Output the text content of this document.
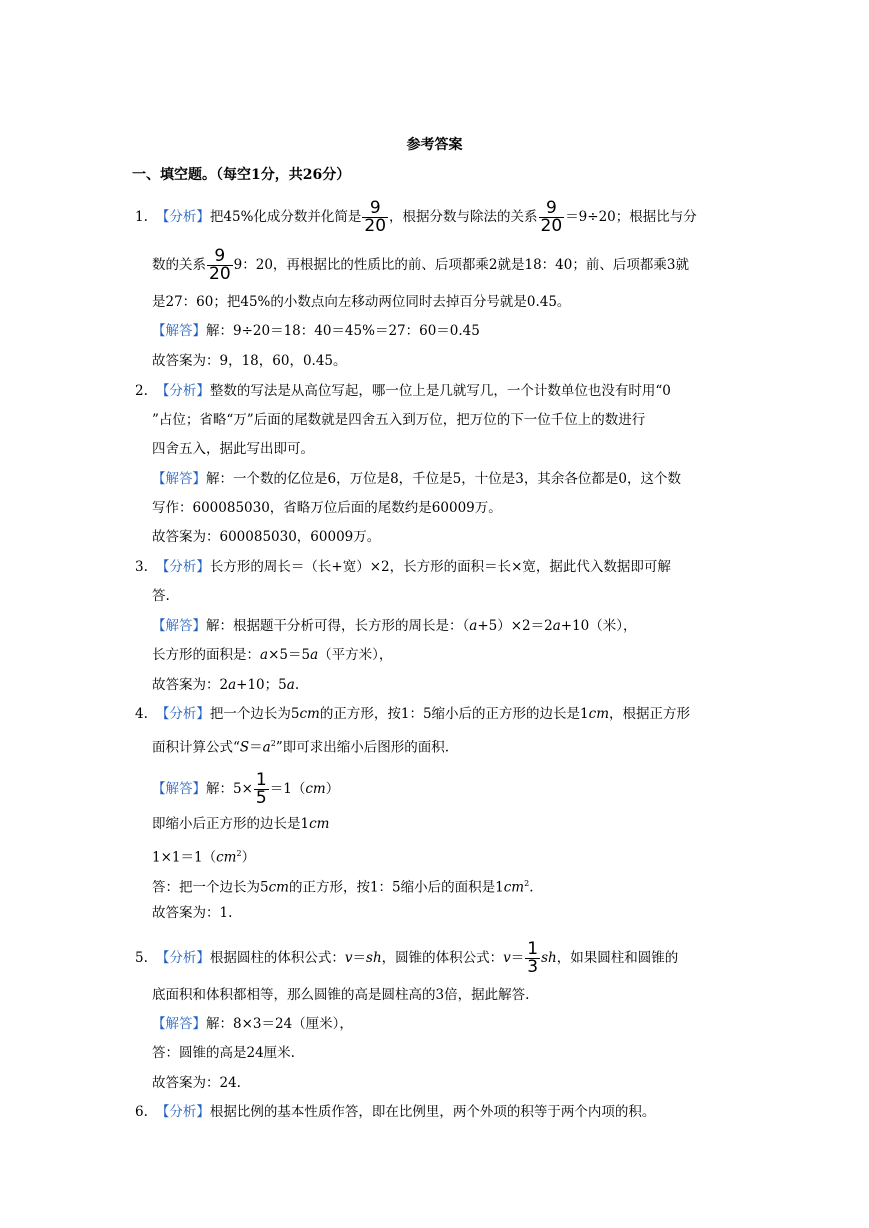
参考答案
一、填空题。（每空1分，共26分）
1. 【分析】把45%化成分数并化简是 $\frac{9}{20}$ ，根据分数与除法的关系 $\frac{9}{20} =9\div 20$；根据比与分
数的关系 $\frac{9}{20} 9$：20，再根据比的性质比的前、后项都乘2就是18：40；前、后项都乘3就
是27：60；把45%的小数点向左移动两位同时去掉百分号就是0.45。
【解答】解：9÷20＝18：40＝45%＝27：60＝0.45
故答案为：9，18，60，0.45。
2. 【分析】整数的写法是从高位写起，哪一位上是几就写几，一个计数单位也没有时用“0
”占位；省略“万”后面的尾数就是四舍五入到万位，把万位的下一位千位上的数进行
四舍五入，据此写出即可。
【解答】解：一个数的亿位是6，万位是8，千位是5，十位是3，其余各位都是0，这个数
写作：600085030，省略万位后面的尾数约是60009万。
故答案为：600085030，60009万。
3. 【分析】长方形的周长＝（长+宽）×2，长方形的面积＝长×宽，据此代入数据即可解
答.
【解答】解：根据题干分析可得，长方形的周长是：（a+5）×2＝2a+10（米），
长方形的面积是：a×5＝5a（平方米），
故答案为：2a+10；5a.
4. 【分析】把一个边长为5cm的正方形，按1：5缩小后的正方形的边长是1cm，根据正方形
面积计算公式“$S=a^2$”即可求出缩小后图形的面积.
【解答】解：$5\times \frac{1}{5} =1(cm)$
即缩小后正方形的边长是1cm
$1\times 1=1(cm^2)$
答：把一个边长为5cm的正方形，按1：5缩小后的面积是$1cm^2$.
故答案为：1.
5. 【分析】根据圆柱的体积公式：v＝sh，圆锥的体积公式：$v= \frac{1}{3}$ sh，如果圆柱和圆锥的
底面积和体积都相等，那么圆锥的高是圆柱高的3倍，据此解答.
【解答】解：8×3＝24（厘米），
答：圆锥的高是24厘米.
故答案为：24.
6. 【分析】根据比例的基本性质作答，即在比例里，两个外项的积等于两个内项的积。
